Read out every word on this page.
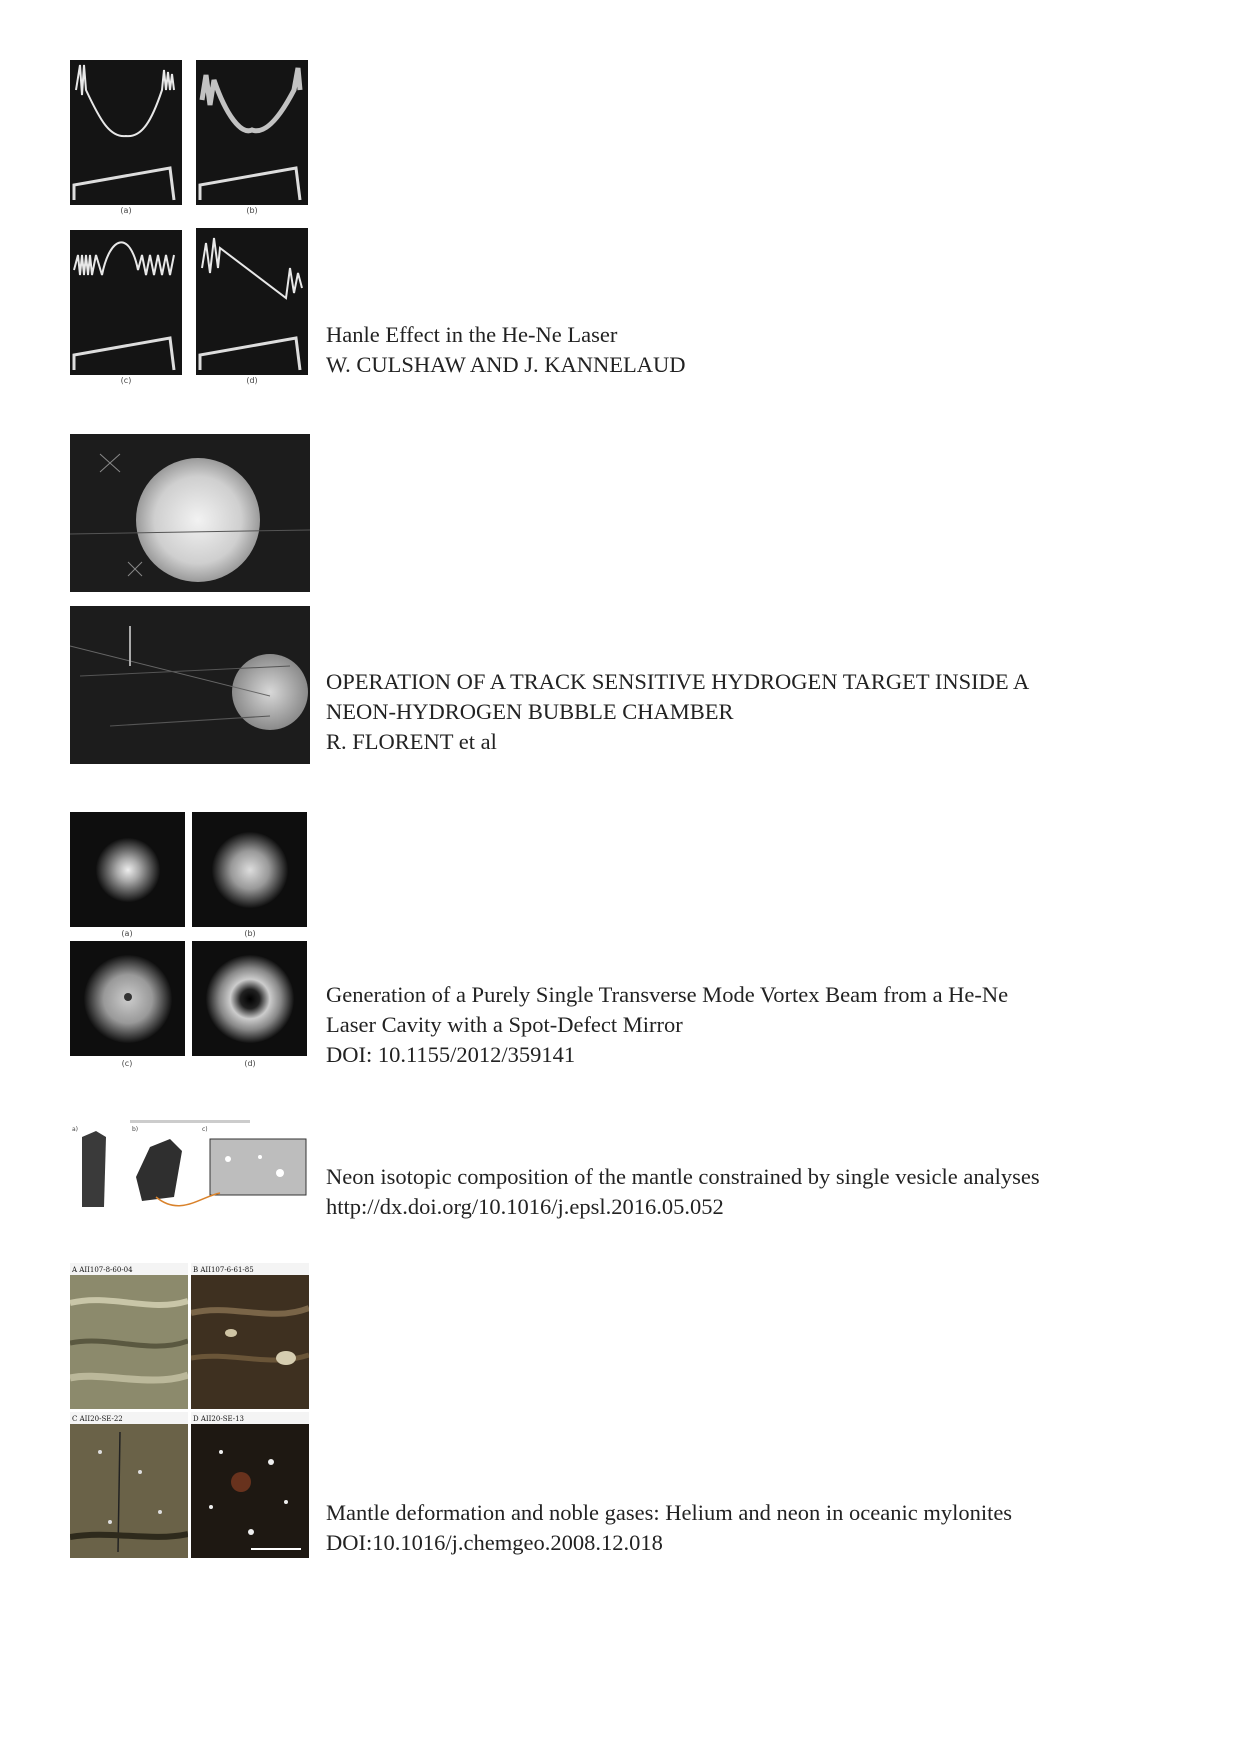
(a)	(b)
(c)	(d)

Hanle Effect in the He-Ne Laser
W. CULSHAW AND J. KANNELAUD

OPERATION OF A TRACK SENSITIVE HYDROGEN TARGET INSIDE A
NEON-HYDROGEN BUBBLE CHAMBER
R. FLORENT et al

(a)	(b)
(c)	(d)

Generation of a Purely Single Transverse Mode Vortex Beam from a He-Ne
Laser Cavity with a Spot-Defect Mirror
DOI: 10.1155/2012/359141

a)	b)	c)

Neon isotopic composition of the mantle constrained by single vesicle analyses
http://dx.doi.org/10.1016/j.epsl.2016.05.052

A AII107-8-60-04	B AII107-6-61-85
C AII20-SE-22	D AII20-SE-13

Mantle deformation and noble gases: Helium and neon in oceanic mylonites
DOI:10.1016/j.chemgeo.2008.12.018
